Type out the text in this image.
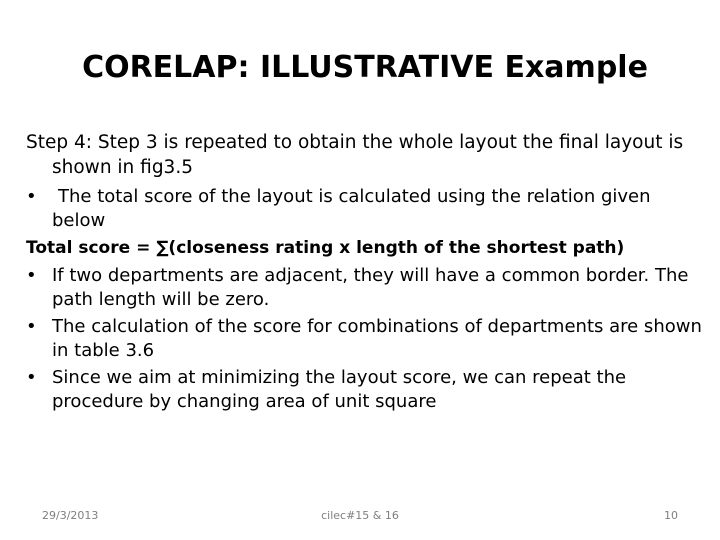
CORELAP: ILLUSTRATIVE Example

Step 4: Step 3 is repeated to obtain the whole layout the final layout is shown in fig3.5

•	The total score of the layout is calculated using the relation given below

Total score = ∑(closeness rating x length of the shortest path)

• If two departments are adjacent, they will have a common border. The path length will be zero.
• The calculation of the score for combinations of departments are shown in table 3.6
• Since we aim at minimizing the layout score, we can repeat the procedure by changing area of unit square
29/3/2013	cilec#15 & 16	10
